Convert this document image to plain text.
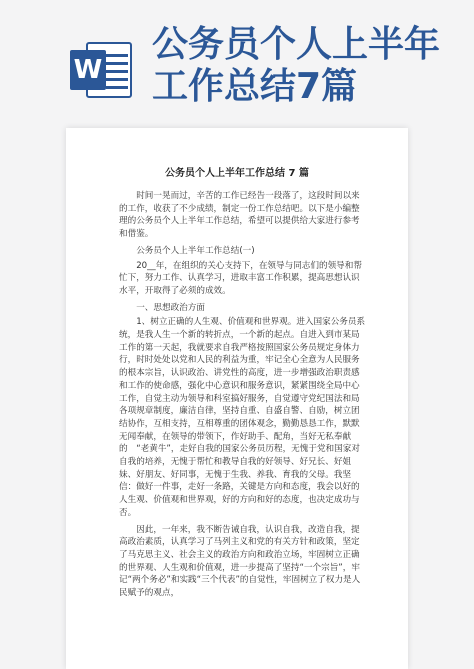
W
公务员个人上半年工作总结7篇
公务员个人上半年工作总结 7 篇

时间一晃而过，辛苦的工作已经告一段落了，这段时间以来的工作，收获了不少成绩，制定一份工作总结吧。以下是小编整理的公务员个人上半年工作总结，希望可以提供给大家进行参考和借鉴。

公务员个人上半年工作总结(一)

20__年，在组织的关心支持下，在领导与同志们的领导和帮忙下，努力工作、认真学习，进取丰富工作积累，提高思想认识水平，开取得了必须的成效。

一、思想政治方面

1、树立正确的人生观、价值观和世界观。进入国家公务员系统，是我人生一个新的转折点，一个新的起点。自进入到市某局工作的第一天起，我就要求自我严格按照国家公务员规定身体力行，时时处处以党和人民的利益为重，牢记全心全意为人民服务的根本宗旨，认识政治、讲党性的高度，进一步增强政治职责感和工作的使命感，强化中心意识和服务意识，紧紧围绕全局中心工作，自觉主动为领导和科室搞好服务，自觉遵守党纪国法和局各项规章制度，廉洁自律，坚持自重、自盛自警、自励，树立团结协作，互相支持，互相尊重的团体观念，勤勤恳恳工作，默默无闻奉献，在领导的带领下，作好助手、配角，当好无私奉献的　“老黄牛”，走好自我的国家公务员历程，无愧于党和国家对自我的培养，无愧于帮忙和教导自我的好领导、好兄长、好姐妹、好朋友、好同事，无愧于生我、养我、育我的父母。我坚信：做好一件事，走好一条路，关键是方向和态度，我会以好的人生观、价值观和世界观，好的方向和好的态度，也决定成功与否。

因此，一年来，我不断告诫自我，认识自我，改造自我，提高政治素质，认真学习了马列主义和党的有关方针和政策，坚定了马克思主义、社会主义的政治方向和政治立场，牢固树立正确的世界观、人生观和价值观，进一步提高了坚持“一个宗旨”，牢记“两个务必”和实践“三个代表”的自觉性，牢固树立了权力是人民赋予的观点，
